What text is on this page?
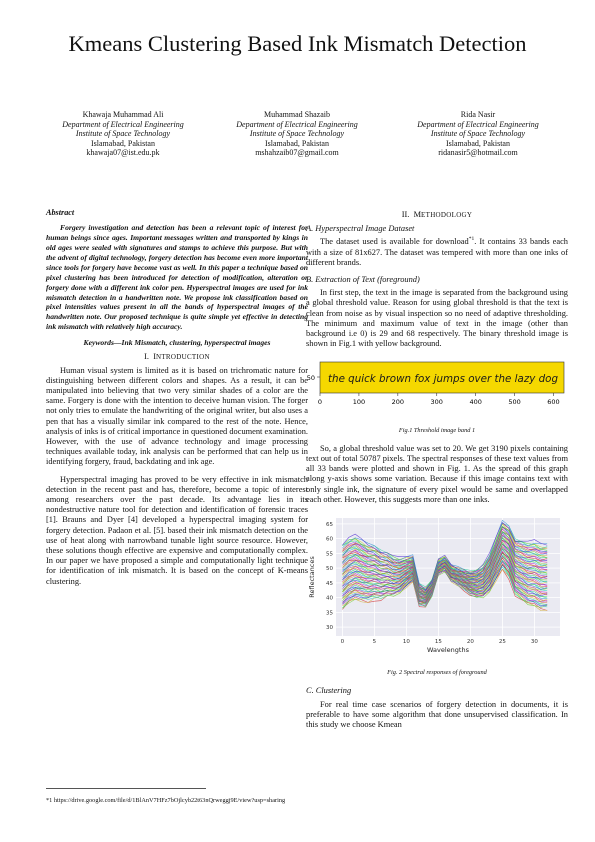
Kmeans Clustering Based Ink Mismatch Detection
Khawaja Muhammad Ali
Department of Electrical Engineering
Institute of Space Technology
Islamabad, Pakistan
khawaja07@ist.edu.pk
Muhammad Shazaib
Department of Electrical Engineering
Institute of Space Technology
Islamabad, Pakistan
mshahzaib07@gmail.com
Rida Nasir
Department of Electrical Engineering
Institute of Space Technology
Islamabad, Pakistan
ridanasir5@hotmail.com
Abstract

Forgery investigation and detection has been a relevant topic of interest for human beings since ages. Important messages written and transported by kings in old ages were sealed with signatures and stamps to achieve this purpose. But with the advent of digital technology, forgery detection has become even more important since tools for forgery have become vast as well. In this paper a technique based on pixel clustering has been introduced for detection of modification, alteration or forgery done with a different ink color pen. Hyperspectral images are used for ink mismatch detection in a handwritten note. We propose ink classification based on pixel intensities values present in all the bands of hyperspectral images of the handwritten note. Our proposed technique is quite simple yet effective in detecting ink mismatch with relatively high accuracy.

Keywords—Ink Mismatch, clustering, hyperspectral images
I. INTRODUCTION

Human visual system is limited as it is based on trichromatic nature for distinguishing between different colors and shapes. As a result, it can be manipulated into believing that two very similar shades of a color are the same. Forgery is done with the intention to deceive human vision. The forger not only tries to emulate the handwriting of the original writer, but also uses a pen that has a visually similar ink compared to the rest of the note. Hence, analysis of inks is of critical importance in questioned document examination. However, with the use of advance technology and image processing techniques available today, ink analysis can be performed that can help us in identifying forgery, fraud, backdating and ink age.

Hyperspectral imaging has proved to be very effective in ink mismatch detection in the recent past and has, therefore, become a topic of interest among researchers over the past decade. Its advantage lies in its nondestructive nature tool for detection and identification of forensic traces [1]. Brauns and Dyer [4] developed a hyperspectral imaging system for forgery detection. Padaon et al. [5]. based their ink mismatch detection on the use of heat along with narrowband tunable light source resource. However, these solutions though effective are expensive and computationally complex. In our paper we have proposed a simple and computationally light technique for identification of ink mismatch. It is based on the concept of K-means clustering.

II. METHODOLOGY
A. Hyperspectral Image Dataset

The dataset used is available for download$^{*1}$. It contains 33 bands each with a size of 81x627. The dataset was tempered with more than one inks of different brands.

B. Extraction of Text (foreground)

In first step, the text in the image is separated from the background using a global threshold value. Reason for using global threshold is that the text is clean from noise as by visual inspection so no need of adaptive thresholding. The minimum and maximum value of text in the image (other than background i.e 0) is 29 and 68 respectively. The binary threshold image is shown in Fig.1 with yellow background.

the quick brown fox jumps over the lazy dog
50
0	100	200	300	400	500	600
Fig.1 Threshold image band 1

So, a global threshold value was set to 20. We get 3190 pixels containing text out of total 50787 pixels. The spectral responses of these text values from all 33 bands were plotted and shown in Fig. 1. As the spread of this graph along y-axis shows some variation. Because if this image contains text with only single ink, the signature of every pixel would be same and overlapped each other. However, this suggests more than one inks.

30
35
40
45
50
55
60
65
0	5	10	15	20	25	30
Wavelengths
Reflectances
Fig. 2 Spectral responses of foreground
C. Clustering

For real time case scenarios of forgery detection in documents, it is preferable to have some algorithm that done unsupervised classification. In this study we choose Kmean

*1 https://drive.google.com/file/d/1BlAnV7HFz7bOjlcyb22t63nQrweggj9E/view?usp=sharing
